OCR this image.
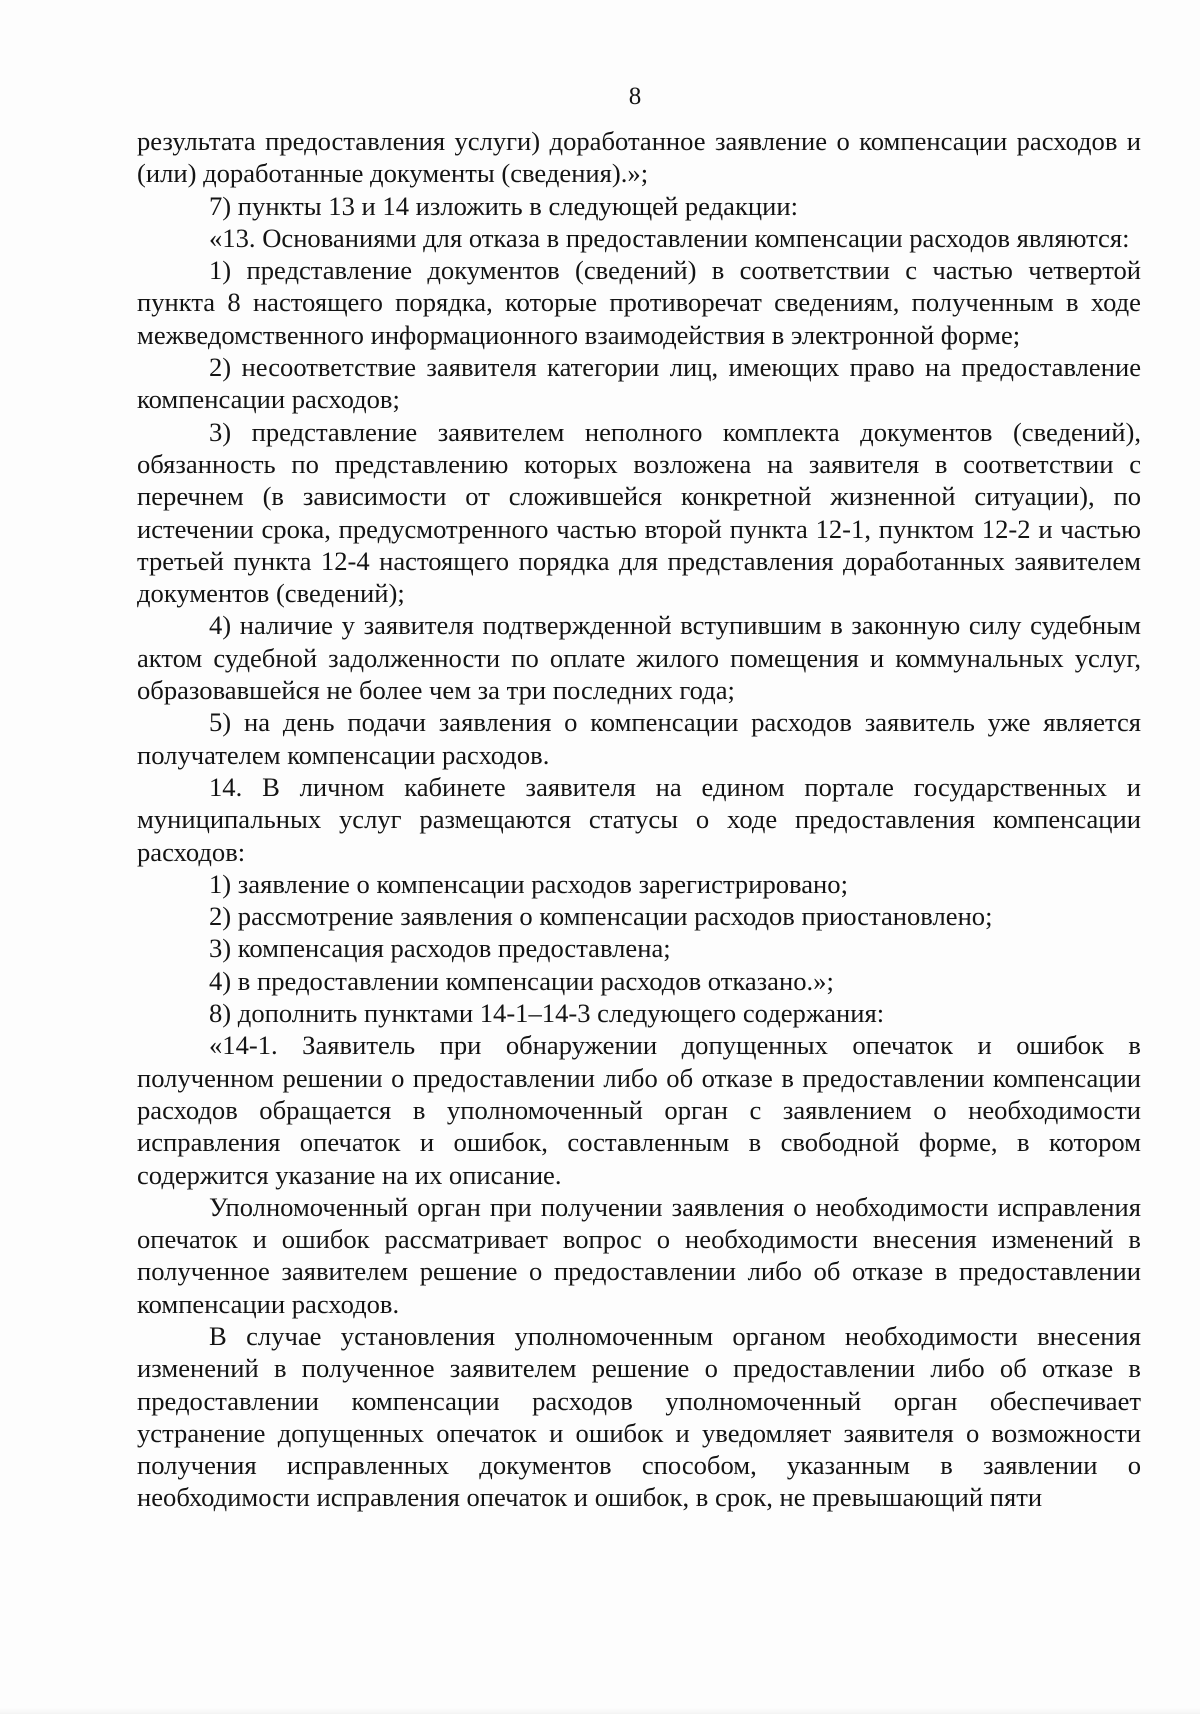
8

результата предоставления услуги) доработанное заявление о компенсации расходов и (или) доработанные документы (сведения).»;

7) пункты 13 и 14 изложить в следующей редакции:

«13. Основаниями для отказа в предоставлении компенсации расходов являются:

1) представление документов (сведений) в соответствии с частью четвертой пункта 8 настоящего порядка, которые противоречат сведениям, полученным в ходе межведомственного информационного взаимодействия в электронной форме;

2) несоответствие заявителя категории лиц, имеющих право на предоставление компенсации расходов;

3) представление заявителем неполного комплекта документов (сведений), обязанность по представлению которых возложена на заявителя в соответствии с перечнем (в зависимости от сложившейся конкретной жизненной ситуации), по истечении срока, предусмотренного частью второй пункта 12-1, пунктом 12-2 и частью третьей пункта 12-4 настоящего порядка для представления доработанных заявителем документов (сведений);

4) наличие у заявителя подтвержденной вступившим в законную силу судебным актом судебной задолженности по оплате жилого помещения и коммунальных услуг, образовавшейся не более чем за три последних года;

5) на день подачи заявления о компенсации расходов заявитель уже является получателем компенсации расходов.

14. В личном кабинете заявителя на едином портале государственных и муниципальных услуг размещаются статусы о ходе предоставления компенсации расходов:

1) заявление о компенсации расходов зарегистрировано;

2) рассмотрение заявления о компенсации расходов приостановлено;

3) компенсация расходов предоставлена;

4) в предоставлении компенсации расходов отказано.»;

8) дополнить пунктами 14-1–14-3 следующего содержания:

«14-1. Заявитель при обнаружении допущенных опечаток и ошибок в полученном решении о предоставлении либо об отказе в предоставлении компенсации расходов обращается в уполномоченный орган с заявлением о необходимости исправления опечаток и ошибок, составленным в свободной форме, в котором содержится указание на их описание.

Уполномоченный орган при получении заявления о необходимости исправления опечаток и ошибок рассматривает вопрос о необходимости внесения изменений в полученное заявителем решение о предоставлении либо об отказе в предоставлении компенсации расходов.

В случае установления уполномоченным органом необходимости внесения изменений в полученное заявителем решение о предоставлении либо об отказе в предоставлении компенсации расходов уполномоченный орган обеспечивает устранение допущенных опечаток и ошибок и уведомляет заявителя о возможности получения исправленных документов способом, указанным в заявлении о необходимости исправления опечаток и ошибок, в срок, не превышающий пяти
